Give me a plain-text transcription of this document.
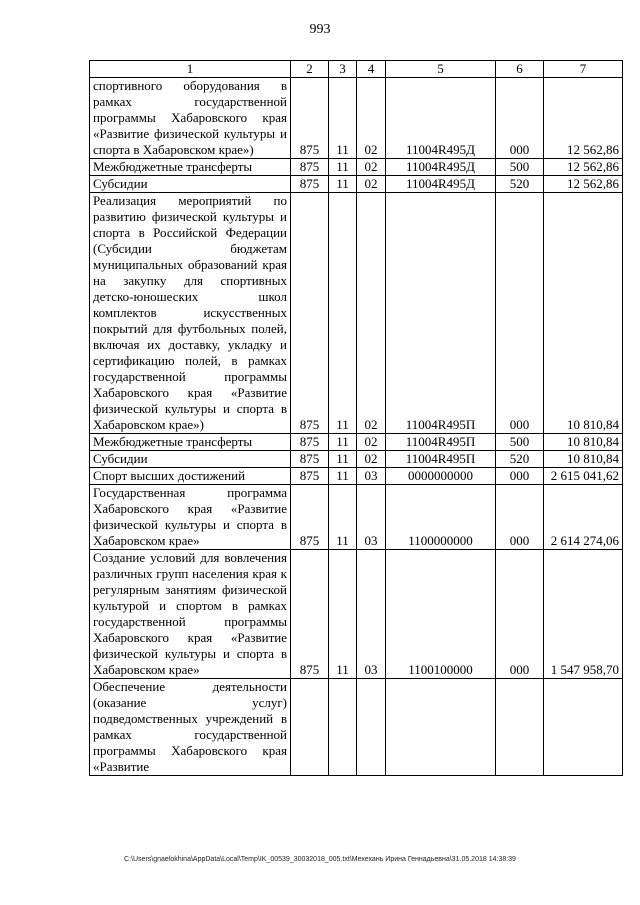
993
1	2	3	4	5	6	7
спортивного оборудования в рамках государственной программы Хабаровского края «Развитие физической культуры и спорта в Хабаровском крае»)	875	11	02	11004R495Д	000	12 562,86
Межбюджетные трансферты	875	11	02	11004R495Д	500	12 562,86
Субсидии	875	11	02	11004R495Д	520	12 562,86
Реализация мероприятий по развитию физической культуры и спорта в Российской Федерации (Субсидии бюджетам муниципальных образований края на закупку для спортивных детско-юношеских школ комплектов искусственных покрытий для футбольных полей, включая их доставку, укладку и сертификацию полей, в рамках государственной программы Хабаровского края «Развитие физической культуры и спорта в Хабаровском крае»)	875	11	02	11004R495П	000	10 810,84
Межбюджетные трансферты	875	11	02	11004R495П	500	10 810,84
Субсидии	875	11	02	11004R495П	520	10 810,84
Спорт высших достижений	875	11	03	0000000000	000	2 615 041,62
Государственная программа Хабаровского края «Развитие физической культуры и спорта в Хабаровском крае»	875	11	03	1100000000	000	2 614 274,06
Создание условий для вовлечения различных групп населения края к регулярным занятиям физической культурой и спортом в рамках государственной программы Хабаровского края «Развитие физической культуры и спорта в Хабаровском крае»	875	11	03	1100100000	000	1 547 958,70
Обеспечение деятельности (оказание услуг) подведомственных учреждений в рамках государственной программы Хабаровского края «Развитие						
C:\Users\gnaelokhina\AppData\Local\Temp\IK_00539_30032018_005.txt\Мехехань Ирина Геннадьевна\31.05.2018 14:38:39
